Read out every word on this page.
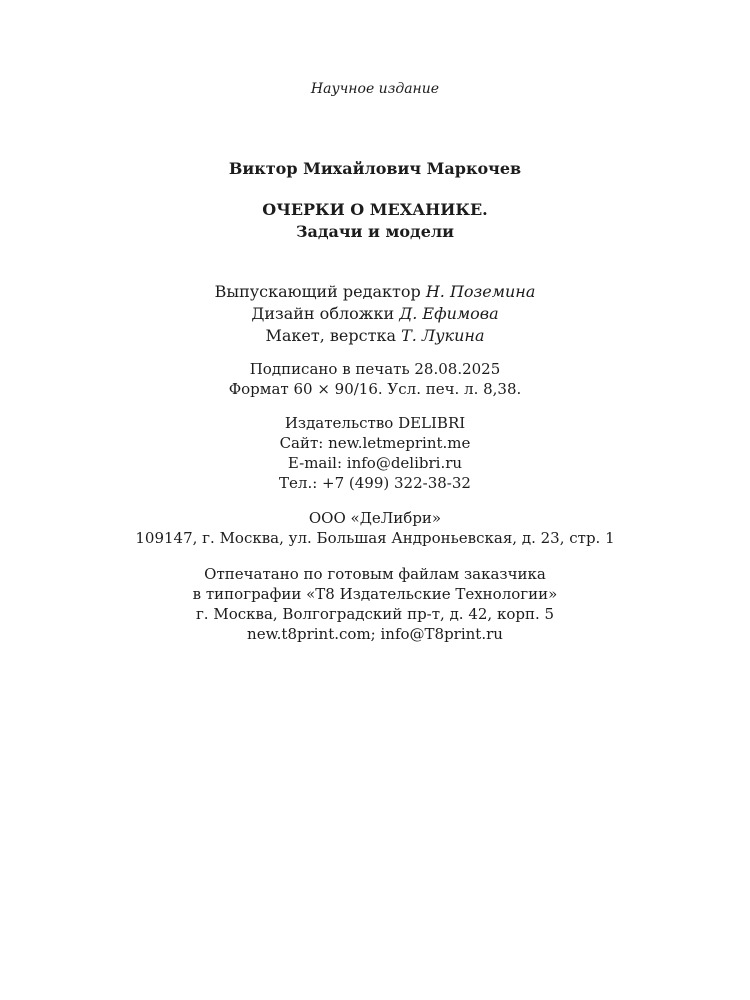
Научное издание
Виктор Михайлович Маркочев
ОЧЕРКИ О МЕХАНИКЕ.
Задачи и модели
Выпускающий редактор Н. Поземина
Дизайн обложки Д. Ефимова
Макет, верстка Т. Лукина
Подписано в печать 28.08.2025
Формат 60 × 90/16. Усл. печ. л. 8,38.
Издательство DELIBRI
Сайт: new.letmeprint.me
E-mail: info@delibri.ru
Тел.: +7 (499) 322-38-32
ООО «ДеЛибри»
109147, г. Москва, ул. Большая Андроньевская, д. 23, стр. 1
Отпечатано по готовым файлам заказчика
в типографии «Т8 Издательские Технологии»
г. Москва, Волгоградский пр-т, д. 42, корп. 5
new.t8print.com; info@T8print.ru
